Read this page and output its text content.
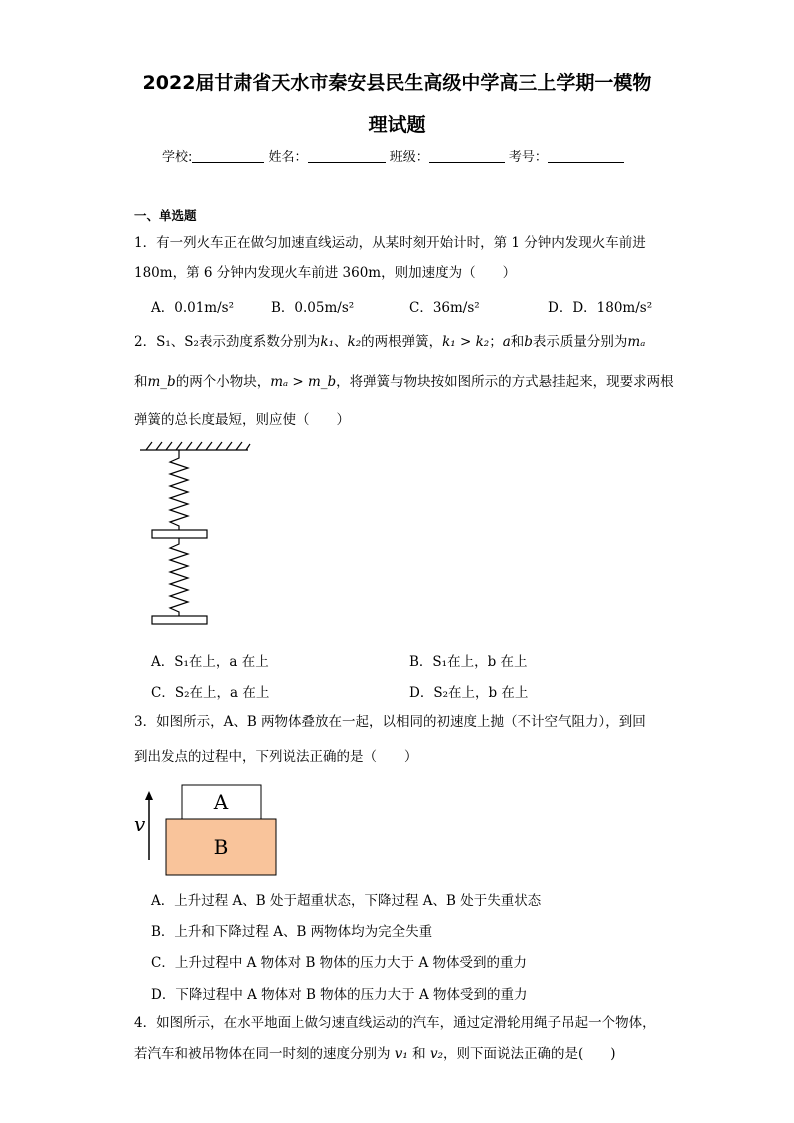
2022届甘肃省天水市秦安县民生高级中学高三上学期一模物
理试题
学校:	姓名：	班级：	考号：
一、单选题
1．有一列火车正在做匀加速直线运动，从某时刻开始计时，第 1 分钟内发现火车前进
180m，第 6 分钟内发现火车前进 360m，则加速度为（　　）
A．0.01m/s²	B．0.05m/s²	C．36m/s²	D．D．180m/s²
2．S₁、S₂表示劲度系数分别为k₁、k₂的两根弹簧，k₁ > k₂；a和b表示质量分别为mₐ
和m_b的两个小物块，mₐ > m_b，将弹簧与物块按如图所示的方式悬挂起来，现要求两根
弹簧的总长度最短，则应使（　　）
A．S₁在上，a 在上	B．S₁在上，b 在上
C．S₂在上，a 在上	D．S₂在上，b 在上
3．如图所示，A、B 两物体叠放在一起，以相同的初速度上抛（不计空气阻力），到回
到出发点的过程中，下列说法正确的是（　　）
v
A
B
A．上升过程 A、B 处于超重状态，下降过程 A、B 处于失重状态
B．上升和下降过程 A、B 两物体均为完全失重
C．上升过程中 A 物体对 B 物体的压力大于 A 物体受到的重力
D．下降过程中 A 物体对 B 物体的压力大于 A 物体受到的重力
4．如图所示，在水平地面上做匀速直线运动的汽车，通过定滑轮用绳子吊起一个物体，
若汽车和被吊物体在同一时刻的速度分别为 v₁ 和 v₂，则下面说法正确的是(　　)
